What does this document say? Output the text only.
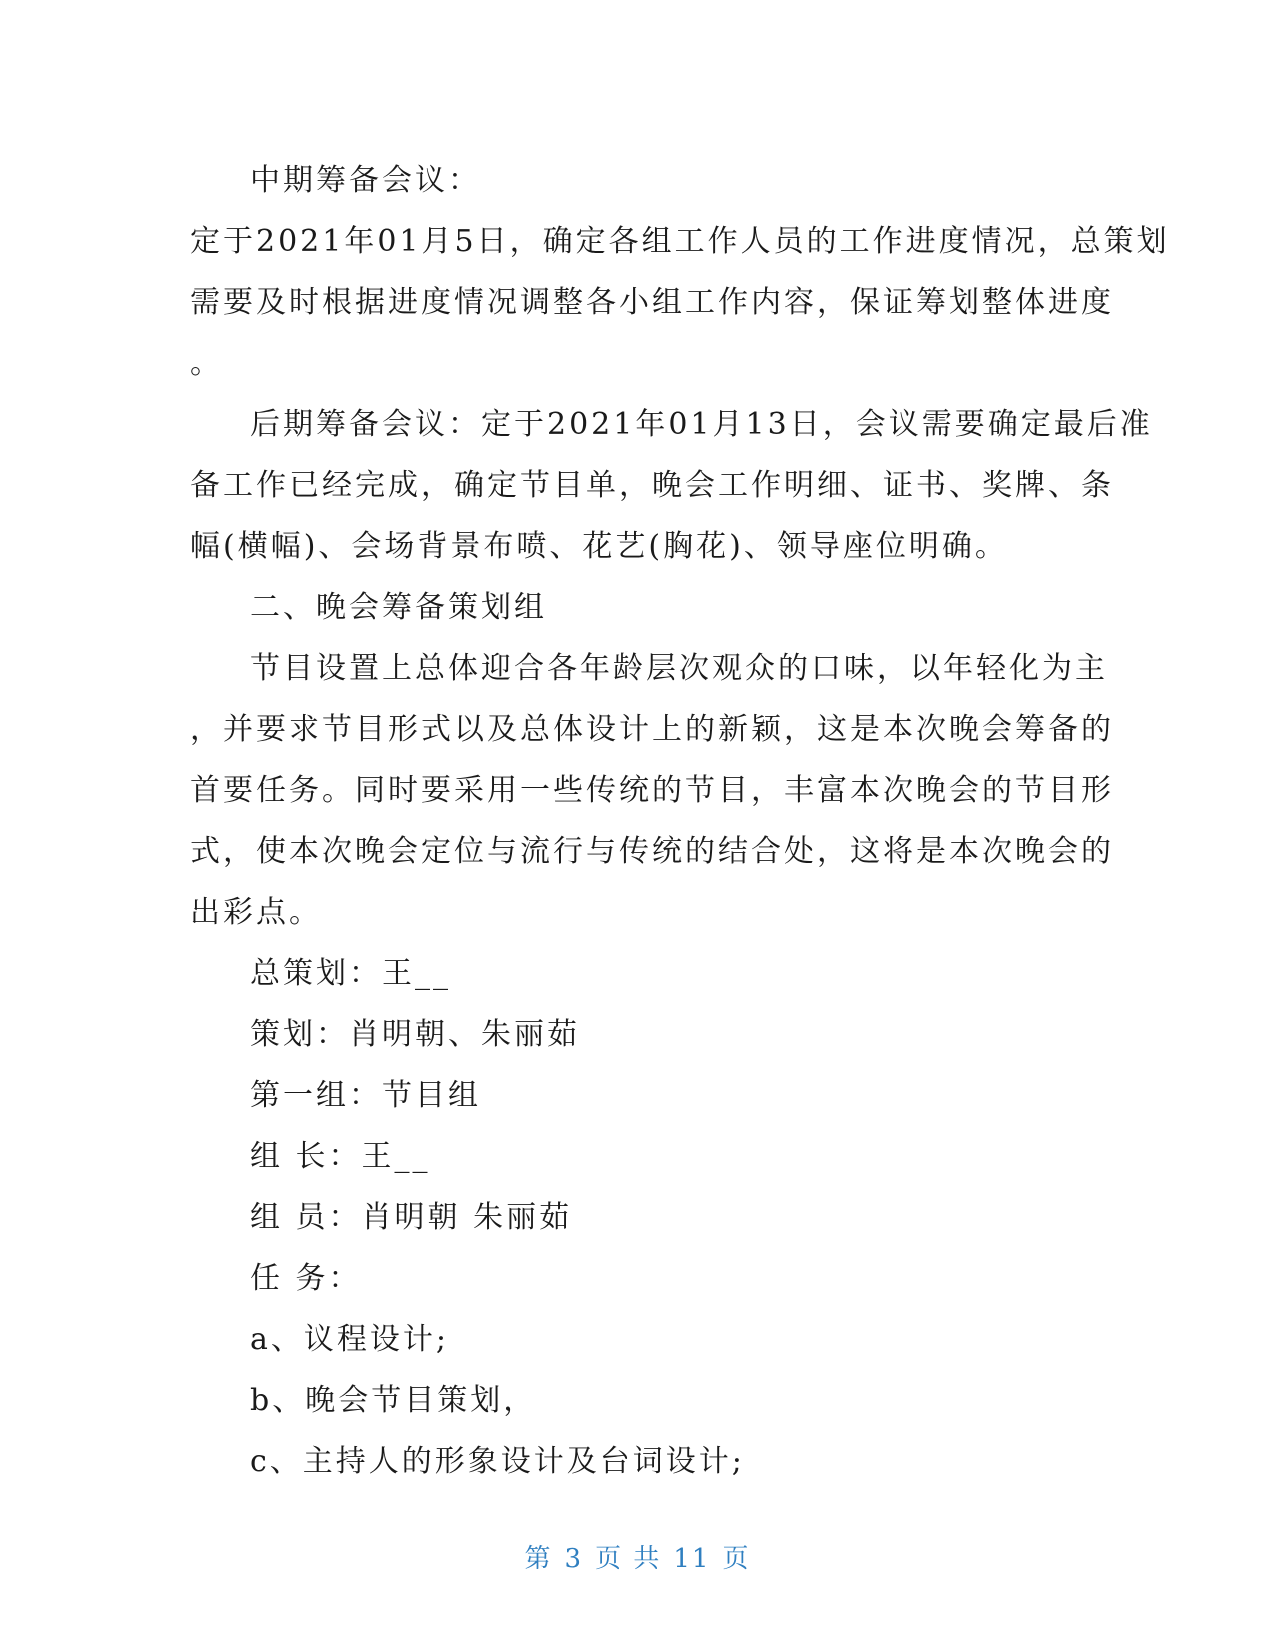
中期筹备会议：
定于2021年01月5日，确定各组工作人员的工作进度情况，总策划
需要及时根据进度情况调整各小组工作内容，保证筹划整体进度
。
后期筹备会议：定于2021年01月13日，会议需要确定最后准
备工作已经完成，确定节目单，晚会工作明细、证书、奖牌、条
幅(横幅)、会场背景布喷、花艺(胸花)、领导座位明确。
二、晚会筹备策划组
节目设置上总体迎合各年龄层次观众的口味，以年轻化为主
，并要求节目形式以及总体设计上的新颖，这是本次晚会筹备的
首要任务。同时要采用一些传统的节目，丰富本次晚会的节目形
式，使本次晚会定位与流行与传统的结合处，这将是本次晚会的
出彩点。
总策划：王__
策划：肖明朝、朱丽茹
第一组：节目组
组 长：王__
组 员：肖明朝 朱丽茹
任 务：
a、议程设计;
b、晚会节目策划，
c、主持人的形象设计及台词设计;
第 3 页 共 11 页
